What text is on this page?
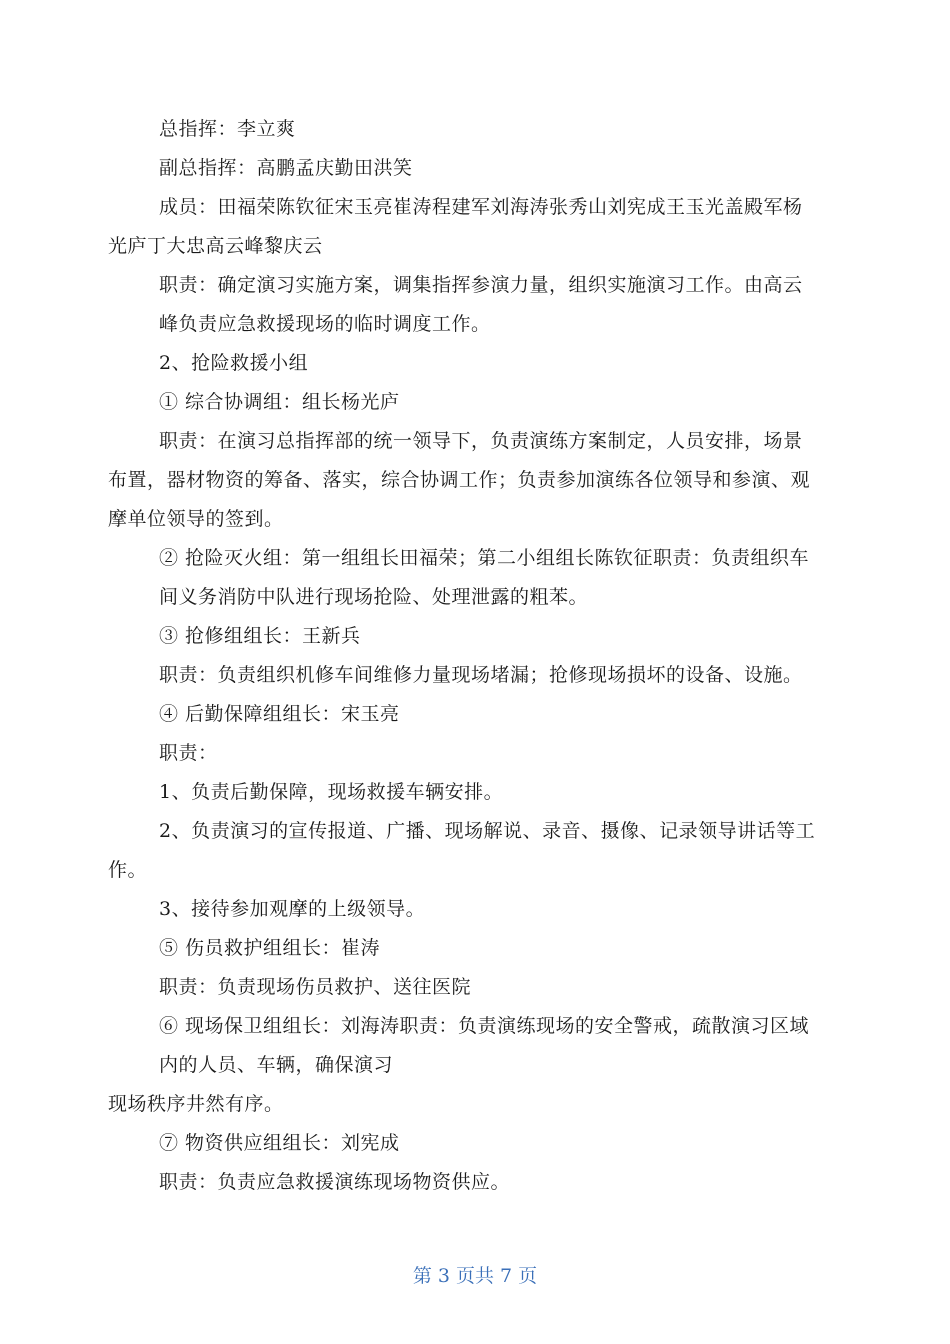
总指挥：李立爽
副总指挥：高鹏孟庆勤田洪笑
成员：田福荣陈钦征宋玉亮崔涛程建军刘海涛张秀山刘宪成王玉光盖殿军杨
光庐丁大忠高云峰黎庆云
职责：确定演习实施方案，调集指挥参演力量，组织实施演习工作。由高云
峰负责应急救援现场的临时调度工作。
2、抢险救援小组
① 综合协调组：组长杨光庐
职责：在演习总指挥部的统一领导下，负责演练方案制定，人员安排，场景
布置，器材物资的筹备、落实，综合协调工作；负责参加演练各位领导和参演、观
摩单位领导的签到。
② 抢险灭火组：第一组组长田福荣；第二小组组长陈钦征职责：负责组织车
间义务消防中队进行现场抢险、处理泄露的粗苯。
③ 抢修组组长：王新兵
职责：负责组织机修车间维修力量现场堵漏；抢修现场损坏的设备、设施。
④ 后勤保障组组长：宋玉亮
职责：
1、负责后勤保障，现场救援车辆安排。
2、负责演习的宣传报道、广播、现场解说、录音、摄像、记录领导讲话等工
作。
3、接待参加观摩的上级领导。
⑤ 伤员救护组组长：崔涛
职责：负责现场伤员救护、送往医院
⑥ 现场保卫组组长：刘海涛职责：负责演练现场的安全警戒，疏散演习区域
内的人员、车辆，确保演习
现场秩序井然有序。
⑦ 物资供应组组长：刘宪成
职责：负责应急救援演练现场物资供应。
第 3 页共 7 页
